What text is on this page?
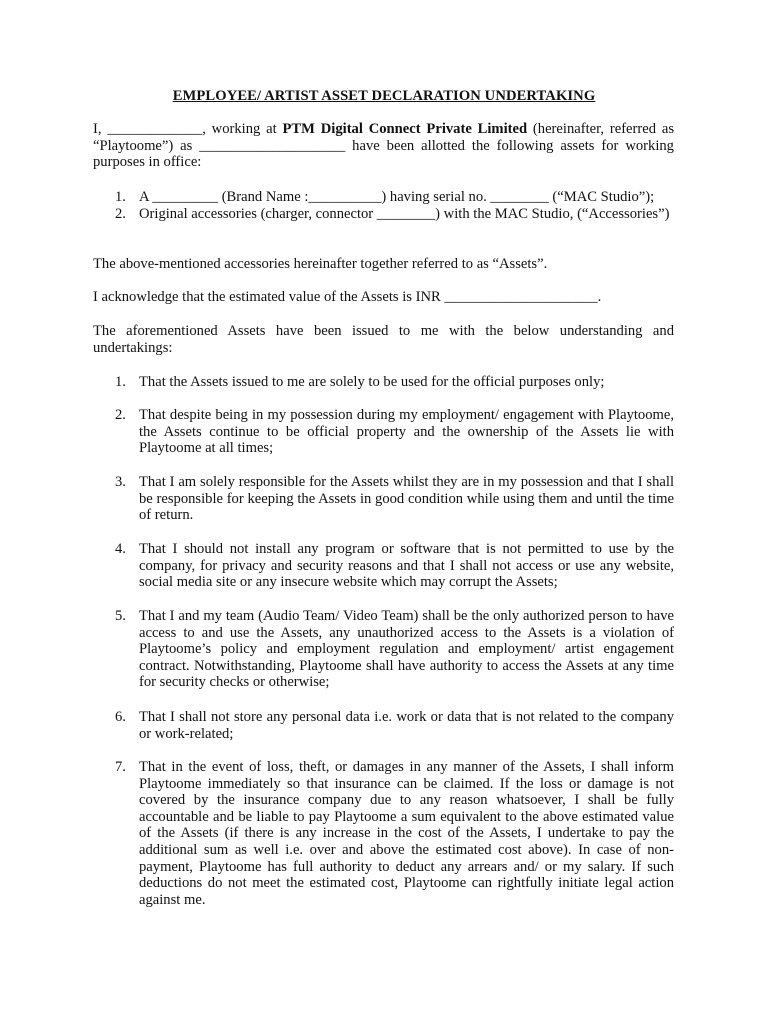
EMPLOYEE/ ARTIST ASSET DECLARATION UNDERTAKING
I, _____________, working at PTM Digital Connect Private Limited (hereinafter, referred as “Playtoome”) as ____________________ have been allotted the following assets for working purposes in office:
1. A _________ (Brand Name :__________) having serial no. ________ (“MAC Studio”);
2. Original accessories (charger, connector ________) with the MAC Studio, (“Accessories”)
The above-mentioned accessories hereinafter together referred to as “Assets”.
I acknowledge that the estimated value of the Assets is INR _____________________.
The aforementioned Assets have been issued to me with the below understanding and undertakings:
1. That the Assets issued to me are solely to be used for the official purposes only;
2. That despite being in my possession during my employment/ engagement with Playtoome, the Assets continue to be official property and the ownership of the Assets lie with Playtoome at all times;
3. That I am solely responsible for the Assets whilst they are in my possession and that I shall be responsible for keeping the Assets in good condition while using them and until the time of return.
4. That I should not install any program or software that is not permitted to use by the company, for privacy and security reasons and that I shall not access or use any website, social media site or any insecure website which may corrupt the Assets;
5. That I and my team (Audio Team/ Video Team) shall be the only authorized person to have access to and use the Assets, any unauthorized access to the Assets is a violation of Playtoome’s policy and employment regulation and employment/ artist engagement contract. Notwithstanding, Playtoome shall have authority to access the Assets at any time for security checks or otherwise;
6. That I shall not store any personal data i.e. work or data that is not related to the company or work-related;
7. That in the event of loss, theft, or damages in any manner of the Assets, I shall inform Playtoome immediately so that insurance can be claimed. If the loss or damage is not covered by the insurance company due to any reason whatsoever, I shall be fully accountable and be liable to pay Playtoome a sum equivalent to the above estimated value of the Assets (if there is any increase in the cost of the Assets, I undertake to pay the additional sum as well i.e. over and above the estimated cost above). In case of non-payment, Playtoome has full authority to deduct any arrears and/ or my salary. If such deductions do not meet the estimated cost, Playtoome can rightfully initiate legal action against me.
